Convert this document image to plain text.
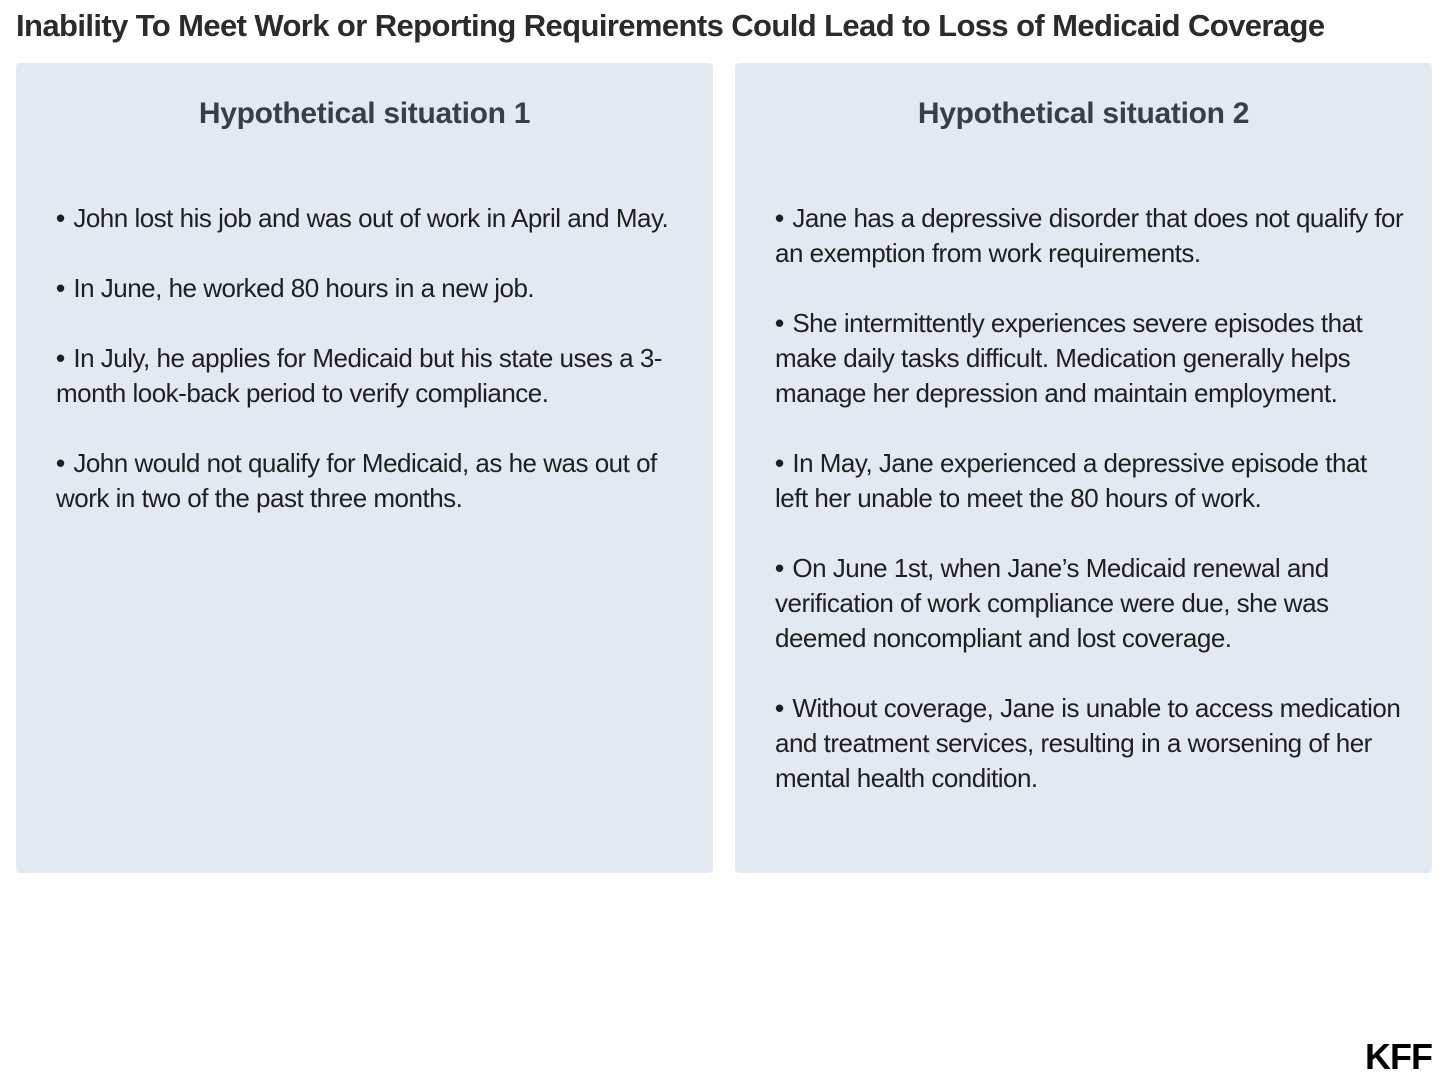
Inability To Meet Work or Reporting Requirements Could Lead to Loss of Medicaid Coverage
Hypothetical situation 1
• John lost his job and was out of work in April and May.
• In June, he worked 80 hours in a new job.
• In July, he applies for Medicaid but his state uses a 3-month look-back period to verify compliance.
• John would not qualify for Medicaid, as he was out of work in two of the past three months.
Hypothetical situation 2
• Jane has a depressive disorder that does not qualify for an exemption from work requirements.
• She intermittently experiences severe episodes that make daily tasks difficult. Medication generally helps manage her depression and maintain employment.
• In May, Jane experienced a depressive episode that left her unable to meet the 80 hours of work.
• On June 1st, when Jane’s Medicaid renewal and verification of work compliance were due, she was deemed noncompliant and lost coverage.
• Without coverage, Jane is unable to access medication and treatment services, resulting in a worsening of her mental health condition.
KFF
